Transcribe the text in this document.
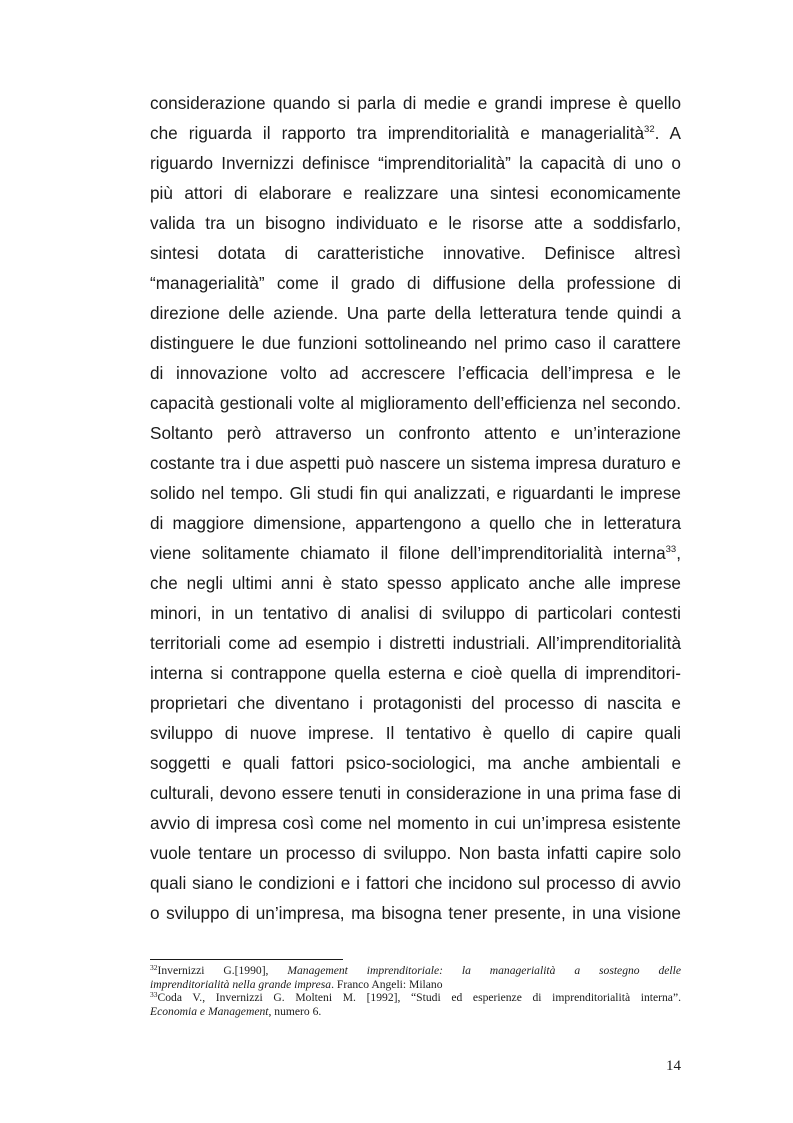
considerazione quando si parla di medie e grandi imprese è quello
che riguarda il rapporto tra imprenditorialità e managerialità$^{32}$. A
riguardo Invernizzi definisce “imprenditorialità” la capacità di uno o
più attori di elaborare e realizzare una sintesi economicamente
valida tra un bisogno individuato e le risorse atte a soddisfarlo,
sintesi dotata di caratteristiche innovative. Definisce altresì
“managerialità” come il grado di diffusione della professione di
direzione delle aziende. Una parte della letteratura tende quindi a
distinguere le due funzioni sottolineando nel primo caso il carattere
di innovazione volto ad accrescere l’efficacia dell’impresa e le
capacità gestionali volte al miglioramento dell’efficienza nel secondo.
Soltanto però attraverso un confronto attento e un’interazione
costante tra i due aspetti può nascere un sistema impresa duraturo e
solido nel tempo. Gli studi fin qui analizzati, e riguardanti le imprese
di maggiore dimensione, appartengono a quello che in letteratura
viene solitamente chiamato il filone dell’imprenditorialità interna$^{33}$,
che negli ultimi anni è stato spesso applicato anche alle imprese
minori, in un tentativo di analisi di sviluppo di particolari contesti
territoriali come ad esempio i distretti industriali. All’imprenditorialità
interna si contrappone quella esterna e cioè quella di imprenditori-
proprietari che diventano i protagonisti del processo di nascita e
sviluppo di nuove imprese. Il tentativo è quello di capire quali
soggetti e quali fattori psico-sociologici, ma anche ambientali e
culturali, devono essere tenuti in considerazione in una prima fase di
avvio di impresa così come nel momento in cui un’impresa esistente
vuole tentare un processo di sviluppo. Non basta infatti capire solo
quali siano le condizioni e i fattori che incidono sul processo di avvio
o sviluppo di un’impresa, ma bisogna tener presente, in una visione
$^{32}$Invernizzi G.[1990], Management imprenditoriale: la managerialità a sostegno delle
imprenditorialità nella grande impresa. Franco Angeli: Milano
$^{33}$Coda V., Invernizzi G. Molteni M. [1992], “Studi ed esperienze di imprenditorialità interna”.
Economia e Management, numero 6.
14
